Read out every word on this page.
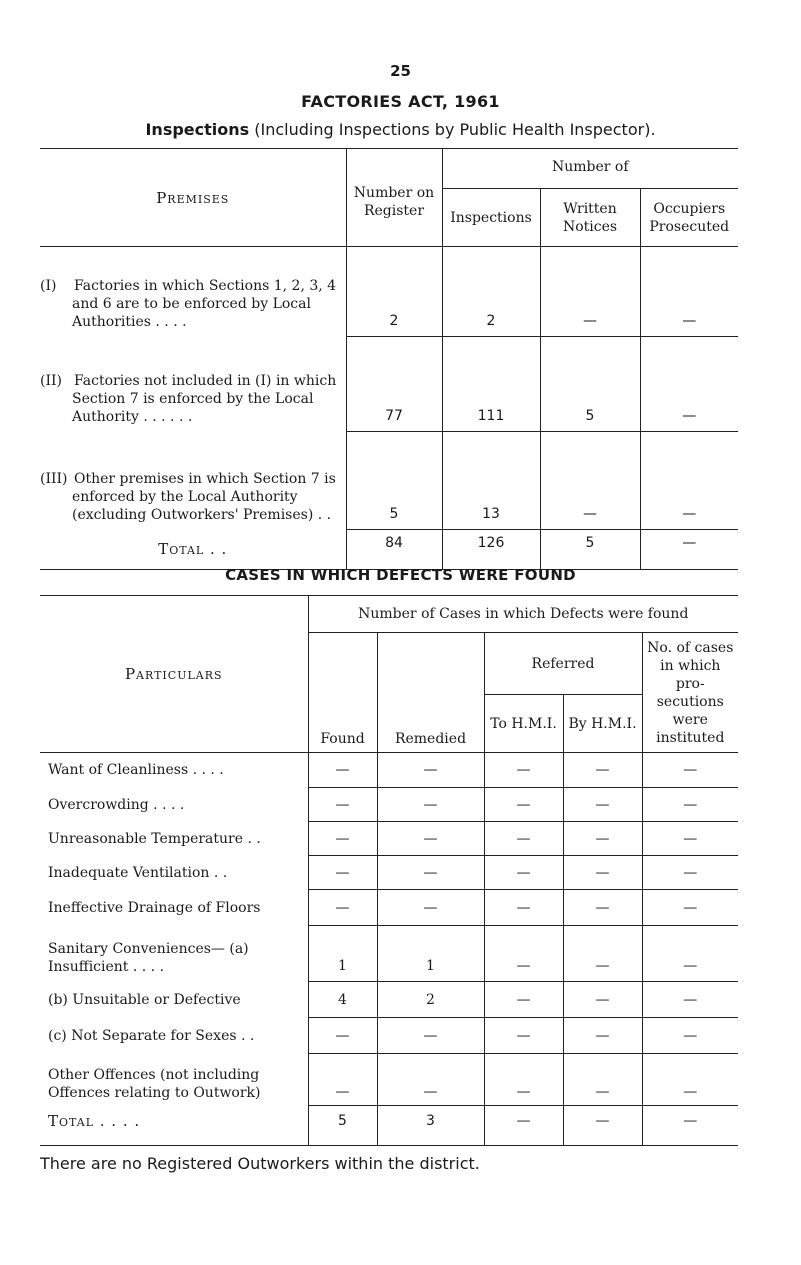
25
FACTORIES ACT, 1961
Inspections (Including Inspections by Public Health Inspector).
Premises	Number on Register	Number of		
		Inspections	Written Notices	Occupiers Prosecuted
(I) Factories in which Sections 1, 2, 3, 4 and 6 are to be enforced by Local Authorities . . . .	2	2	—	—
(II) Factories not included in (I) in which Section 7 is enforced by the Local Authority . . . . . .	77	111	5	—
(III) Other premises in which Section 7 is enforced by the Local Authority (excluding Outworkers' Premises) . .	5	13	—	—
Total . .	84	126	5	—
CASES IN WHICH DEFECTS WERE FOUND
Particulars	Number of Cases in which Defects were found				
	Found	Remedied	Referred		No. of cases in which pro-secutions were instituted
			To H.M.I.	By H.M.I.	
Want of Cleanliness . . . .	—	—	—	—	—
Overcrowding . . . .	—	—	—	—	—
Unreasonable Temperature . .	—	—	—	—	—
Inadequate Ventilation . .	—	—	—	—	—
Ineffective Drainage of Floors	—	—	—	—	—
Sanitary Conveniences— (a) Insufficient . . . .	1	1	—	—	—
(b) Unsuitable or Defective	4	2	—	—	—
(c) Not Separate for Sexes . .	—	—	—	—	—
Other Offences (not including Offences relating to Outwork)	—	—	—	—	—
Total . . . .	5	3	—	—	—
There are no Registered Outworkers within the district.
